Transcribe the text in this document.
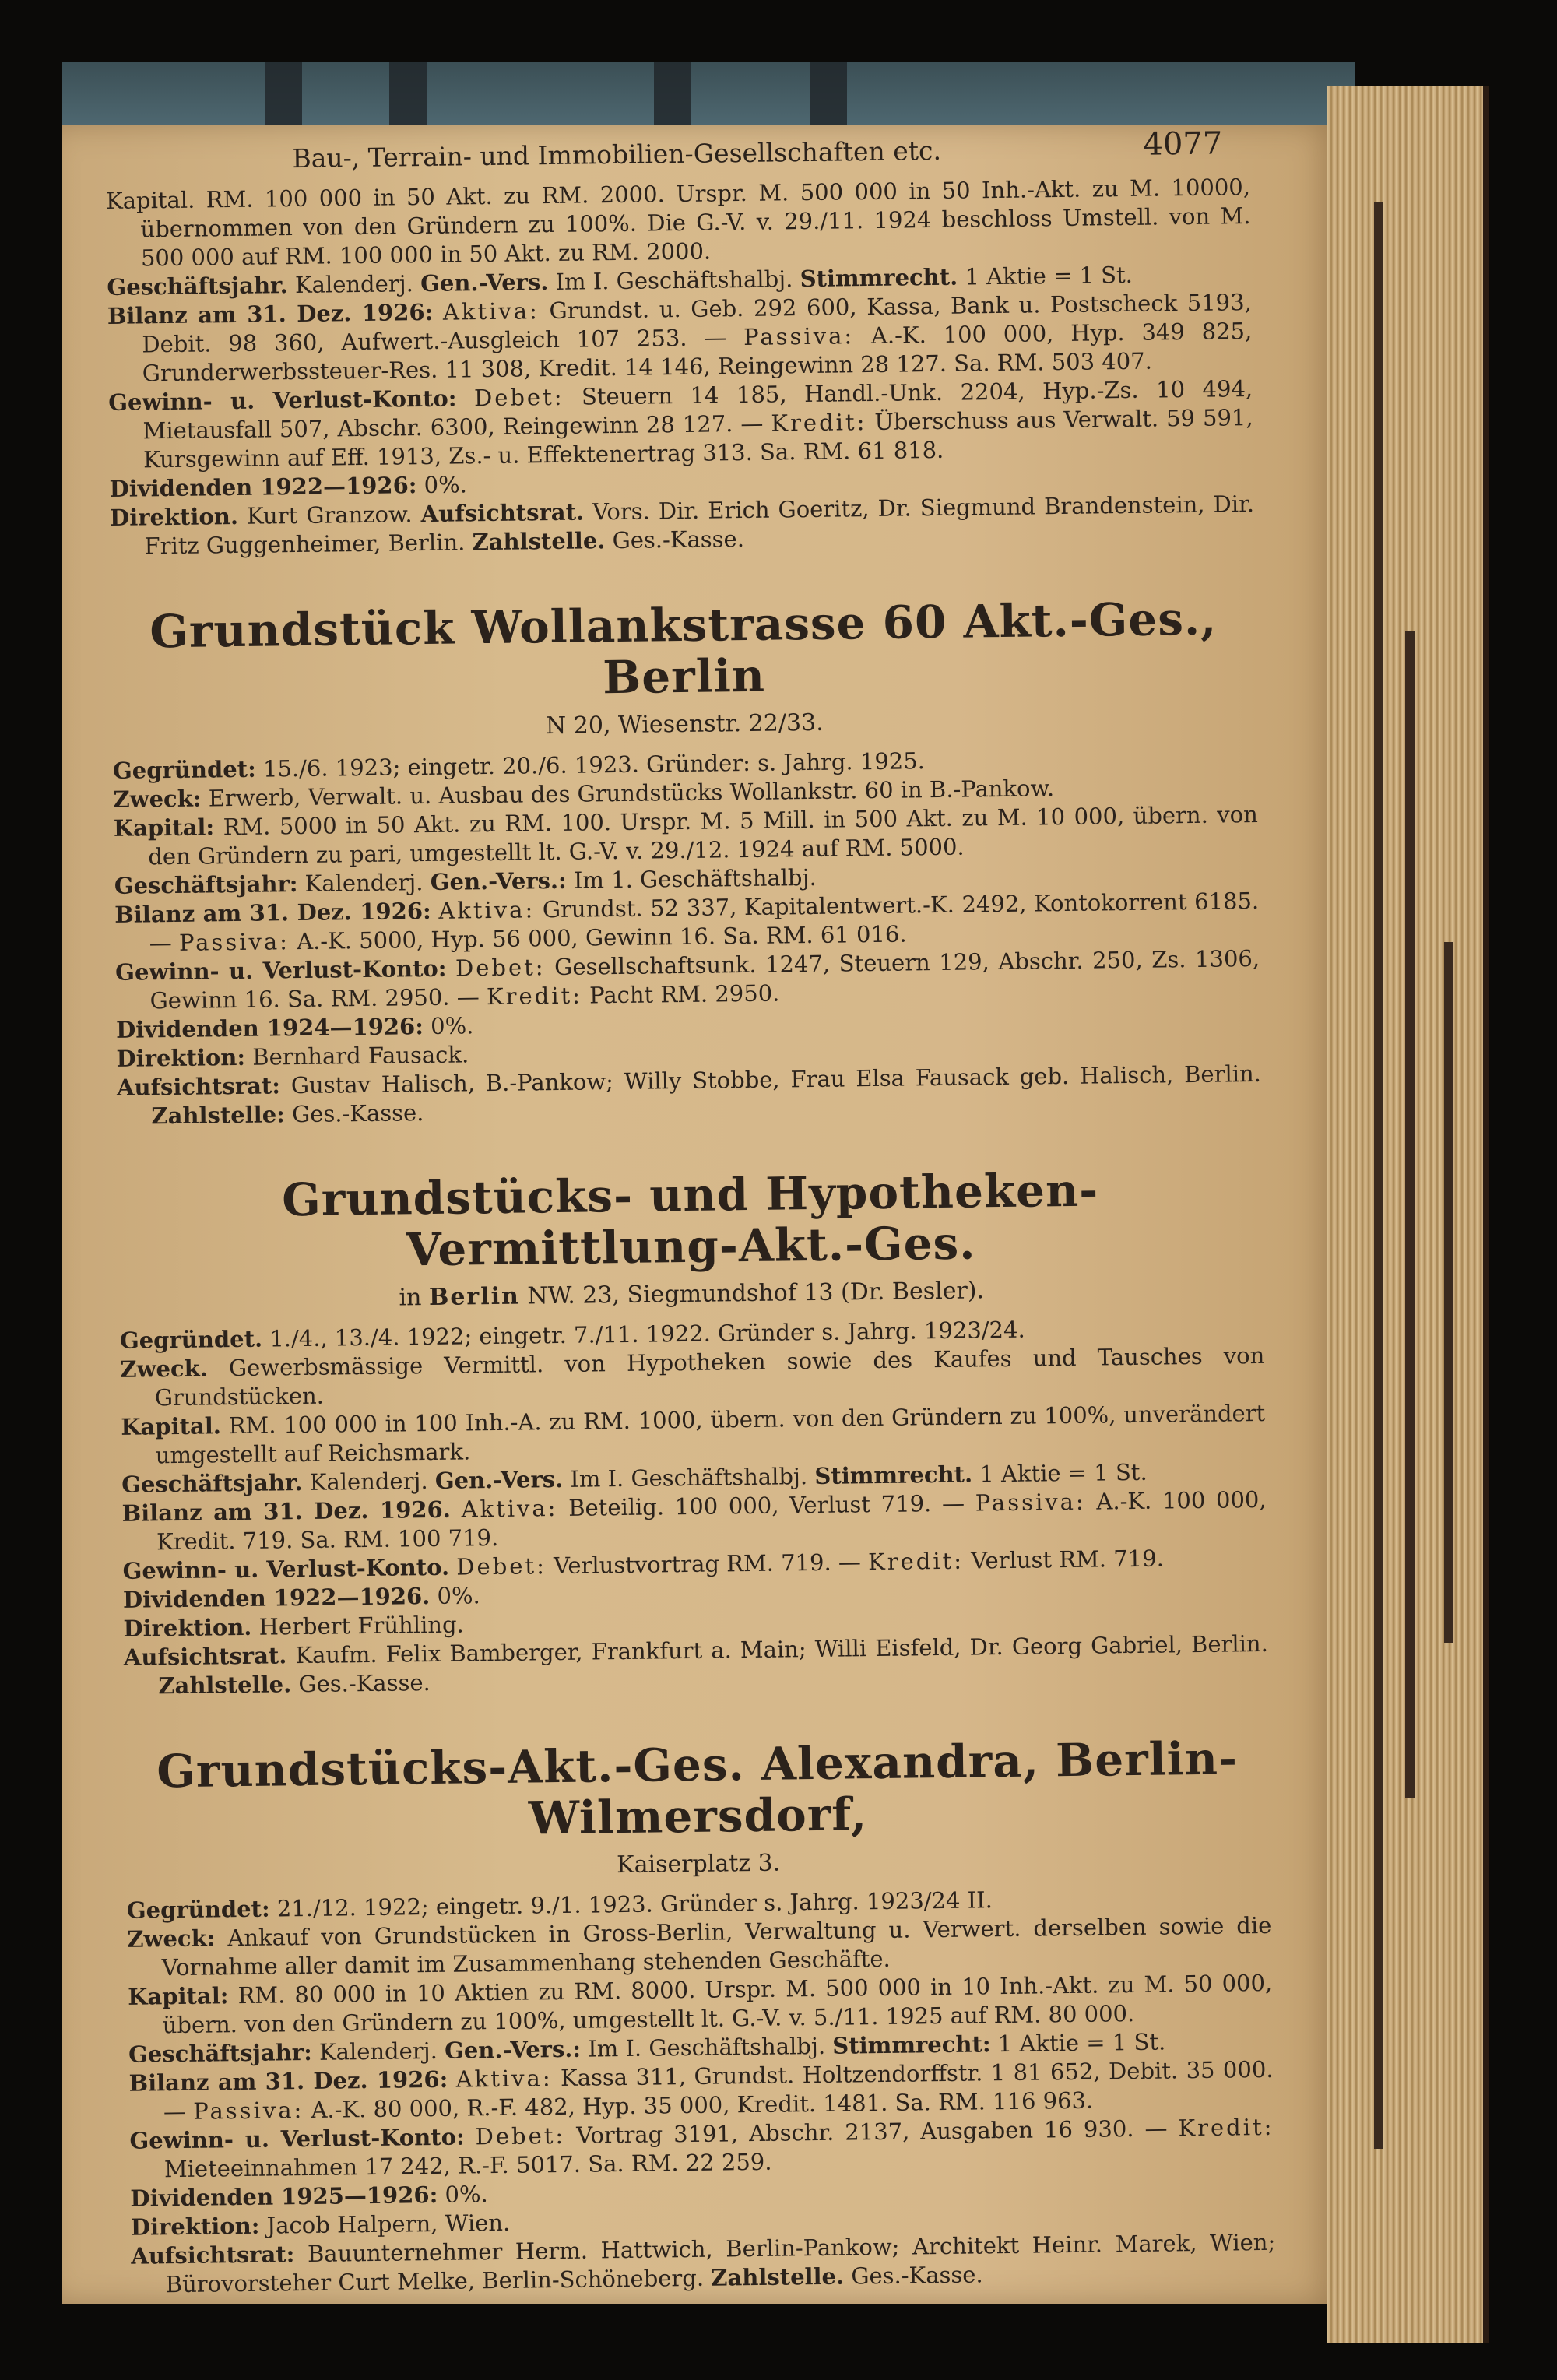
Bau-, Terrain- und Immobilien-Gesellschaften etc.	4077

Kapital. RM. 100 000 in 50 Akt. zu RM. 2000. Urspr. M. 500 000 in 50 Inh.-Akt. zu M. 10000, übernommen von den Gründern zu 100%. Die G.-V. v. 29./11. 1924 beschloss Umstell. von M. 500 000 auf RM. 100 000 in 50 Akt. zu RM. 2000.

Geschäftsjahr. Kalenderj. Gen.-Vers. Im I. Geschäftshalbj. Stimmrecht. 1 Aktie = 1 St.

Bilanz am 31. Dez. 1926: Aktiva: Grundst. u. Geb. 292 600, Kassa, Bank u. Postscheck 5193, Debit. 98 360, Aufwert.-Ausgleich 107 253. — Passiva: A.-K. 100 000, Hyp. 349 825, Grunderwerbssteuer-Res. 11 308, Kredit. 14 146, Reingewinn 28 127. Sa. RM. 503 407.

Gewinn- u. Verlust-Konto: Debet: Steuern 14 185, Handl.-Unk. 2204, Hyp.-Zs. 10 494, Mietausfall 507, Abschr. 6300, Reingewinn 28 127. — Kredit: Überschuss aus Verwalt. 59 591, Kursgewinn auf Eff. 1913, Zs.- u. Effektenertrag 313. Sa. RM. 61 818.

Dividenden 1922—1926: 0%.

Direktion. Kurt Granzow. Aufsichtsrat. Vors. Dir. Erich Goeritz, Dr. Siegmund Brandenstein, Dir. Fritz Guggenheimer, Berlin. Zahlstelle. Ges.-Kasse.

Grundstück Wollankstrasse 60 Akt.-Ges., Berlin
N 20, Wiesenstr. 22/33.

Gegründet: 15./6. 1923; eingetr. 20./6. 1923. Gründer: s. Jahrg. 1925.

Zweck: Erwerb, Verwalt. u. Ausbau des Grundstücks Wollankstr. 60 in B.-Pankow.

Kapital: RM. 5000 in 50 Akt. zu RM. 100. Urspr. M. 5 Mill. in 500 Akt. zu M. 10 000, übern. von den Gründern zu pari, umgestellt lt. G.-V. v. 29./12. 1924 auf RM. 5000.

Geschäftsjahr: Kalenderj. Gen.-Vers.: Im 1. Geschäftshalbj.

Bilanz am 31. Dez. 1926: Aktiva: Grundst. 52 337, Kapitalentwert.-K. 2492, Kontokorrent 6185. — Passiva: A.-K. 5000, Hyp. 56 000, Gewinn 16. Sa. RM. 61 016.

Gewinn- u. Verlust-Konto: Debet: Gesellschaftsunk. 1247, Steuern 129, Abschr. 250, Zs. 1306, Gewinn 16. Sa. RM. 2950. — Kredit: Pacht RM. 2950.

Dividenden 1924—1926: 0%.

Direktion: Bernhard Fausack.

Aufsichtsrat: Gustav Halisch, B.-Pankow; Willy Stobbe, Frau Elsa Fausack geb. Halisch, Berlin. Zahlstelle: Ges.-Kasse.

Grundstücks- und Hypotheken-Vermittlung-Akt.-Ges.
in Berlin NW. 23, Siegmundshof 13 (Dr. Besler).

Gegründet. 1./4., 13./4. 1922; eingetr. 7./11. 1922. Gründer s. Jahrg. 1923/24.

Zweck. Gewerbsmässige Vermittl. von Hypotheken sowie des Kaufes und Tausches von Grundstücken.

Kapital. RM. 100 000 in 100 Inh.-A. zu RM. 1000, übern. von den Gründern zu 100%, unverändert umgestellt auf Reichsmark.

Geschäftsjahr. Kalenderj. Gen.-Vers. Im I. Geschäftshalbj. Stimmrecht. 1 Aktie = 1 St.

Bilanz am 31. Dez. 1926. Aktiva: Beteilig. 100 000, Verlust 719. — Passiva: A.-K. 100 000, Kredit. 719. Sa. RM. 100 719.

Gewinn- u. Verlust-Konto. Debet: Verlustvortrag RM. 719. — Kredit: Verlust RM. 719.

Dividenden 1922—1926. 0%.

Direktion. Herbert Frühling.

Aufsichtsrat. Kaufm. Felix Bamberger, Frankfurt a. Main; Willi Eisfeld, Dr. Georg Gabriel, Berlin. Zahlstelle. Ges.-Kasse.

Grundstücks-Akt.-Ges. Alexandra, Berlin-Wilmersdorf,
Kaiserplatz 3.

Gegründet: 21./12. 1922; eingetr. 9./1. 1923. Gründer s. Jahrg. 1923/24 II.

Zweck: Ankauf von Grundstücken in Gross-Berlin, Verwaltung u. Verwert. derselben sowie die Vornahme aller damit im Zusammenhang stehenden Geschäfte.

Kapital: RM. 80 000 in 10 Aktien zu RM. 8000. Urspr. M. 500 000 in 10 Inh.-Akt. zu M. 50 000, übern. von den Gründern zu 100%, umgestellt lt. G.-V. v. 5./11. 1925 auf RM. 80 000.

Geschäftsjahr: Kalenderj. Gen.-Vers.: Im I. Geschäftshalbj. Stimmrecht: 1 Aktie = 1 St.

Bilanz am 31. Dez. 1926: Aktiva: Kassa 311, Grundst. Holtzendorffstr. 1 81 652, Debit. 35 000. — Passiva: A.-K. 80 000, R.-F. 482, Hyp. 35 000, Kredit. 1481. Sa. RM. 116 963.

Gewinn- u. Verlust-Konto: Debet: Vortrag 3191, Abschr. 2137, Ausgaben 16 930. — Kredit: Mieteeinnahmen 17 242, R.-F. 5017. Sa. RM. 22 259.

Dividenden 1925—1926: 0%.

Direktion: Jacob Halpern, Wien.

Aufsichtsrat: Bauunternehmer Herm. Hattwich, Berlin-Pankow; Architekt Heinr. Marek, Wien; Bürovorsteher Curt Melke, Berlin-Schöneberg. Zahlstelle. Ges.-Kasse.
